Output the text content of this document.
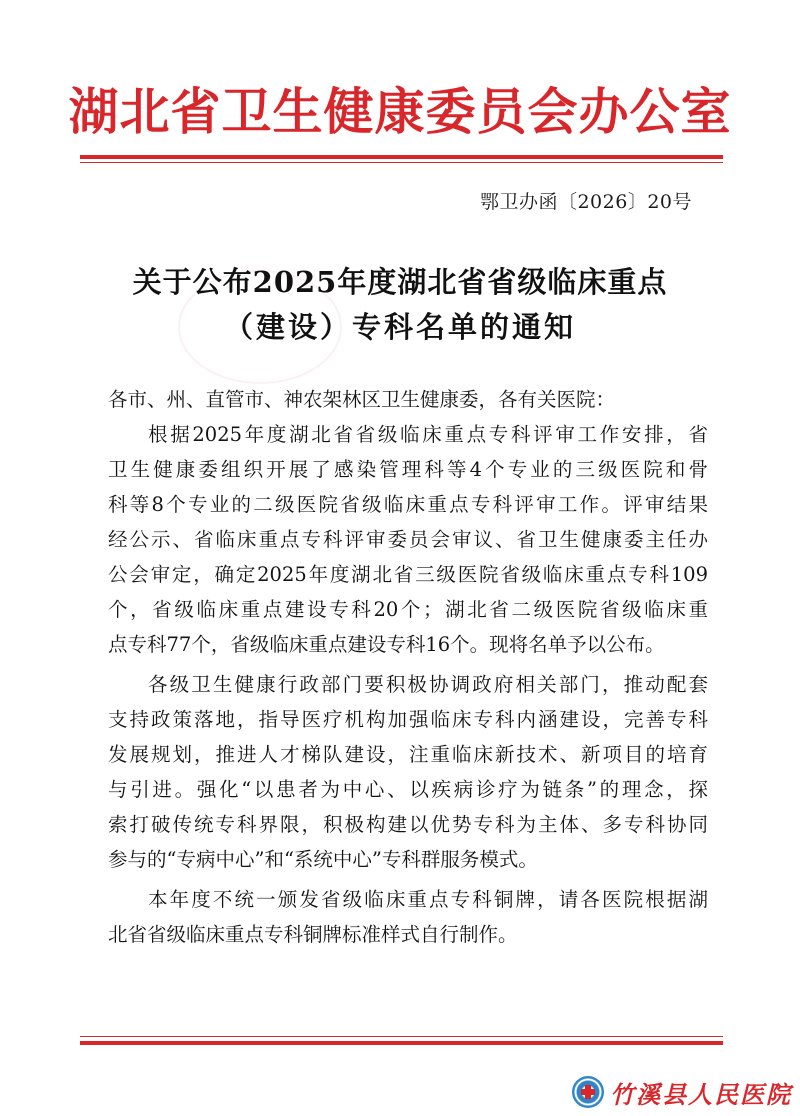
湖北省卫生健康委员会办公室
鄂卫办函〔2026〕20号
关于公布2025年度湖北省省级临床重点
（建设）专科名单的通知
各市、州、直管市、神农架林区卫生健康委，各有关医院：
根据2025年度湖北省省级临床重点专科评审工作安排，省
卫生健康委组织开展了感染管理科等4个专业的三级医院和骨
科等8个专业的二级医院省级临床重点专科评审工作。评审结果
经公示、省临床重点专科评审委员会审议、省卫生健康委主任办
公会审定，确定2025年度湖北省三级医院省级临床重点专科109
个，省级临床重点建设专科20个；湖北省二级医院省级临床重
点专科77个，省级临床重点建设专科16个。现将名单予以公布。
各级卫生健康行政部门要积极协调政府相关部门，推动配套
支持政策落地，指导医疗机构加强临床专科内涵建设，完善专科
发展规划，推进人才梯队建设，注重临床新技术、新项目的培育
与引进。强化“以患者为中心、以疾病诊疗为链条”的理念，探
索打破传统专科界限，积极构建以优势专科为主体、多专科协同
参与的“专病中心”和“系统中心”专科群服务模式。
本年度不统一颁发省级临床重点专科铜牌，请各医院根据湖
北省省级临床重点专科铜牌标准样式自行制作。
竹溪县人民医院
